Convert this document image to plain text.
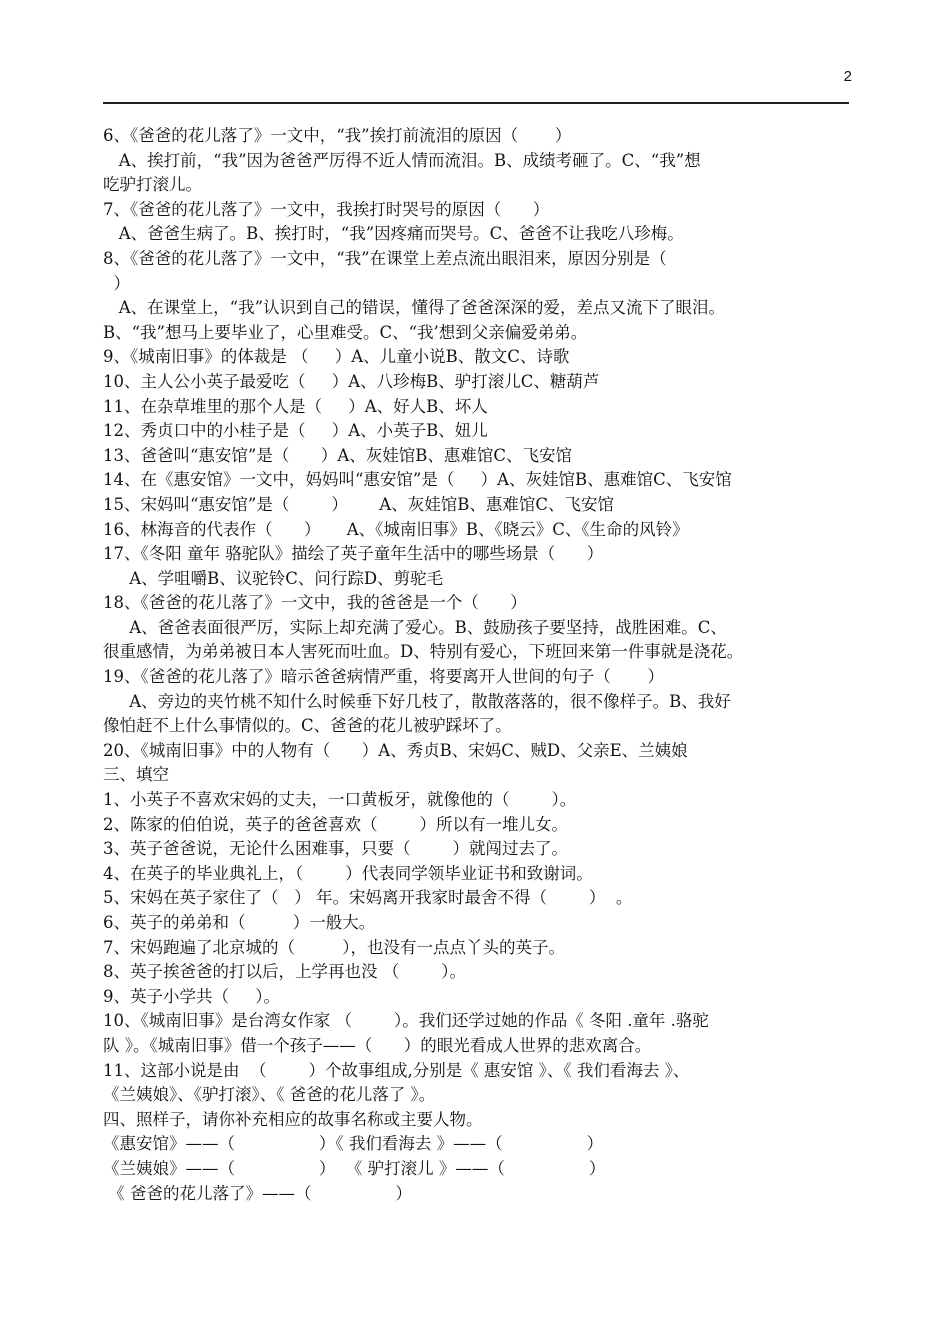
2
6、《爸爸的花儿落了》一文中，“我”挨打前流泪的原因（       ）
A、挨打前，“我”因为爸爸严厉得不近人情而流泪。B、成绩考砸了。C、“我”想
吃驴打滚儿。
7、《爸爸的花儿落了》一文中，我挨打时哭号的原因（      ）
A、爸爸生病了。B、挨打时，“我”因疼痛而哭号。C、爸爸不让我吃八珍梅。
8、《爸爸的花儿落了》一文中，“我”在课堂上差点流出眼泪来，原因分别是（
）
A、在课堂上，“我”认识到自己的错误，懂得了爸爸深深的爱，差点又流下了眼泪。
B、“我”想马上要毕业了，心里难受。C、“我’想到父亲偏爱弟弟。
9、《城南旧事》的体裁是 （     ）A、儿童小说B、散文C、诗歌
10、主人公小英子最爱吃（     ）A、八珍梅B、驴打滚儿C、糖葫芦
11、在杂草堆里的那个人是（     ）A、好人B、坏人
12、秀贞口中的小桂子是（     ）A、小英子B、妞儿
13、爸爸叫“惠安馆”是（      ）A、灰娃馆B、惠难馆C、飞安馆
14、在《惠安馆》一文中，妈妈叫“惠安馆”是（     ）A、灰娃馆B、惠难馆C、飞安馆
15、宋妈叫“惠安馆”是（        ）      A、灰娃馆B、惠难馆C、飞安馆
16、林海音的代表作（      ）     A、《城南旧事》B、《晓云》C、《生命的风铃》
17、《冬阳 童年 骆驼队》描绘了英子童年生活中的哪些场景（      ）
A、学咀嚼B、议驼铃C、问行踪D、剪驼毛
18、《爸爸的花儿落了》一文中，我的爸爸是一个（      ）
A、爸爸表面很严厉，实际上却充满了爱心。B、鼓励孩子要坚持，战胜困难。C、
很重感情，为弟弟被日本人害死而吐血。D、特别有爱心，下班回来第一件事就是浇花。
19、《爸爸的花儿落了》暗示爸爸病情严重，将要离开人世间的句子（       ）
A、旁边的夹竹桃不知什么时候垂下好几枝了，散散落落的，很不像样子。B、我好
像怕赶不上什么事情似的。C、爸爸的花儿被驴踩坏了。
20、《城南旧事》中的人物有（      ）A、秀贞B、宋妈C、贼D、父亲E、兰姨娘
三、填空
1、小英子不喜欢宋妈的丈夫，一口黄板牙，就像他的（        ）。
2、陈家的伯伯说，英子的爸爸喜欢（        ）所以有一堆儿女。
3、英子爸爸说，无论什么困难事，只要（        ）就闯过去了。
4、在英子的毕业典礼上，（        ）代表同学领毕业证书和致谢词。
5、宋妈在英子家住了（   ） 年。宋妈离开我家时最舍不得（        ）  。
6、英子的弟弟和（         ）一般大。
7、宋妈跑遍了北京城的（         ），也没有一点点丫头的英子。
8、英子挨爸爸的打以后，上学再也没 （        ）。
9、英子小学共（     ）。
10、《城南旧事》是台湾女作家 （        ）。我们还学过她的作品《 冬阳 .童年 .骆驼
队 》。《城南旧事》借一个孩子——（      ）的眼光看成人世界的悲欢离合。
11、这部小说是由  （        ）个故事组成,分别是《 惠安馆 》、《 我们看海去 》、
《兰姨娘》、《驴打滚》、《 爸爸的花儿落了 》。
四、照样子，请你补充相应的故事名称或主要人物。
《惠安馆》——（                ）《 我们看海去 》——（                ）
《兰姨娘》——（                ）  《 驴打滚儿 》——（                ）
《 爸爸的花儿落了》——（                ）
